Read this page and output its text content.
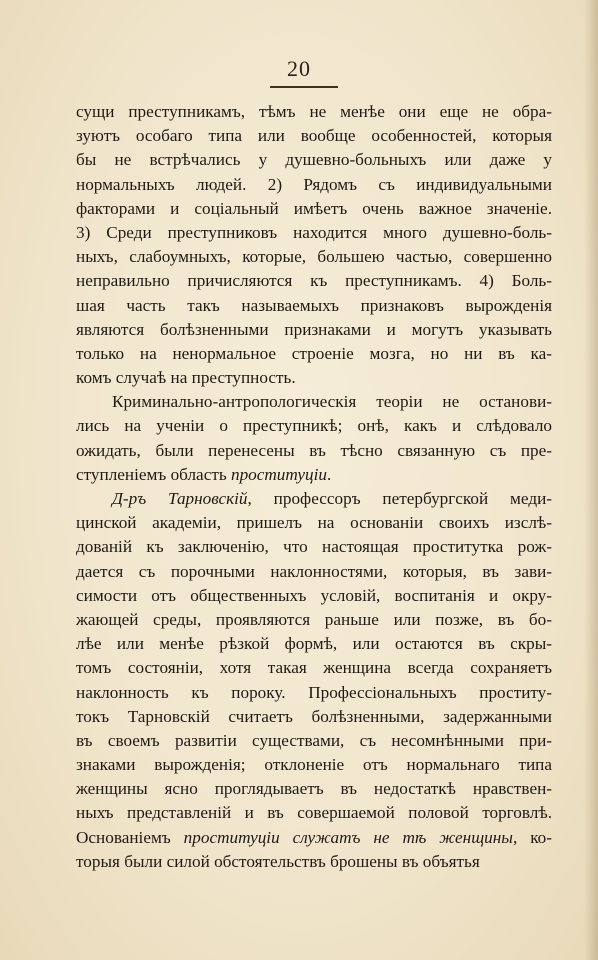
20
сущи преступникамъ, тѣмъ не менѣе они еще не обра-
зуютъ особаго типа или вообще особенностей, которыя
бы не встрѣчались у душевно-больныхъ или даже у
нормальныхъ людей. 2) Рядомъ съ индивидуальными
факторами и соціальный имѣетъ очень важное значеніе.
3) Среди преступниковъ находится много душевно-боль-
ныхъ, слабоумныхъ, которые, большею частью, совершенно
неправильно причисляются къ преступникамъ. 4) Боль-
шая часть такъ называемыхъ признаковъ вырожденія
являются болѣзненными признаками и могутъ указывать
только на ненормальное строеніе мозга, но ни въ ка-
комъ случаѣ на преступность.
Криминально-антропологическія теоріи не останови-
лись на ученіи о преступникѣ; онѣ, какъ и слѣдовало
ожидать, были перенесены въ тѣсно связанную съ пре-
ступленіемъ область проституціи.
Д-ръ Тарновскій, профессоръ петербургской меди-
цинской академіи, пришелъ на основаніи своихъ изслѣ-
дованій къ заключенію, что настоящая проститутка рож-
дается съ порочными наклонностями, которыя, въ зави-
симости отъ общественныхъ условій, воспитанія и окру-
жающей среды, проявляются раньше или позже, въ бо-
лѣе или менѣе рѣзкой формѣ, или остаются въ скры-
томъ состояніи, хотя такая женщина всегда сохраняетъ
наклонность къ пороку. Профессіональныхъ проститу-
токъ Тарновскій считаетъ болѣзненными, задержанными
въ своемъ развитіи существами, съ несомнѣнными при-
знаками вырожденія; отклоненіе отъ нормальнаго типа
женщины ясно проглядываетъ въ недостаткѣ нравствен-
ныхъ представленій и въ совершаемой половой торговлѣ.
Основаніемъ проституціи служатъ не тѣ женщины, ко-
торыя были силой обстоятельствъ брошены въ объятья
